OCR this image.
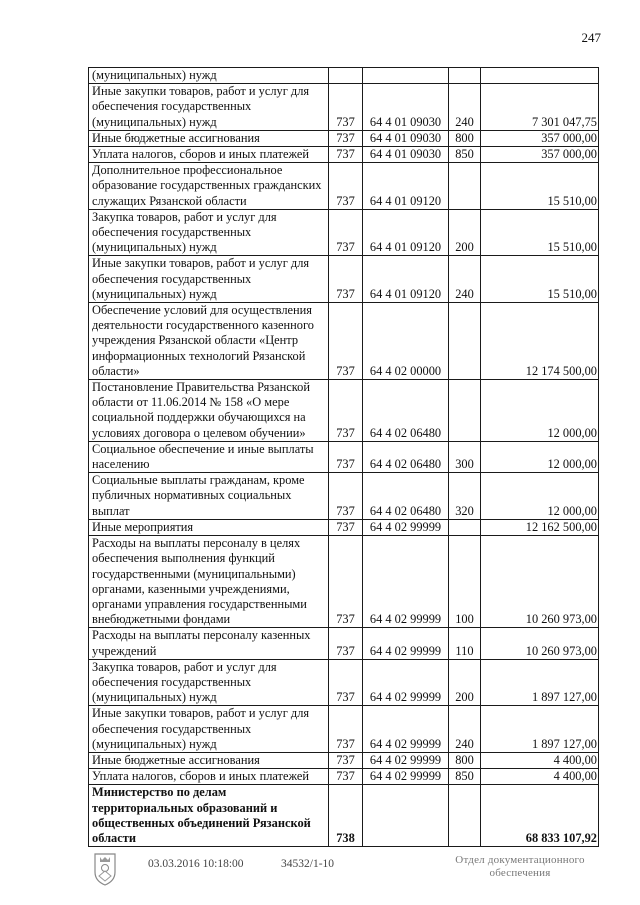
247
(муниципальных) нужд				
Иные закупки товаров, работ и услуг для обеспечения государственных (муниципальных) нужд	737	64 4 01 09030	240	7 301 047,75
Иные бюджетные ассигнования	737	64 4 01 09030	800	357 000,00
Уплата налогов, сборов и иных платежей	737	64 4 01 09030	850	357 000,00
Дополнительное профессиональное образование государственных гражданских служащих Рязанской области	737	64 4 01 09120		15 510,00
Закупка товаров, работ и услуг для обеспечения государственных (муниципальных) нужд	737	64 4 01 09120	200	15 510,00
Иные закупки товаров, работ и услуг для обеспечения государственных (муниципальных) нужд	737	64 4 01 09120	240	15 510,00
Обеспечение условий для осуществления деятельности государственного казенного учреждения Рязанской области «Центр информационных технологий Рязанской области»	737	64 4 02 00000		12 174 500,00
Постановление Правительства Рязанской области от 11.06.2014 № 158 «О мере социальной поддержки обучающихся на условиях договора о целевом обучении»	737	64 4 02 06480		12 000,00
Социальное обеспечение и иные выплаты населению	737	64 4 02 06480	300	12 000,00
Социальные выплаты гражданам, кроме публичных нормативных социальных выплат	737	64 4 02 06480	320	12 000,00
Иные мероприятия	737	64 4 02 99999		12 162 500,00
Расходы на выплаты персоналу в целях обеспечения выполнения функций государственными (муниципальными) органами, казенными учреждениями, органами управления государственными внебюджетными фондами	737	64 4 02 99999	100	10 260 973,00
Расходы на выплаты персоналу казенных учреждений	737	64 4 02 99999	110	10 260 973,00
Закупка товаров, работ и услуг для обеспечения государственных (муниципальных) нужд	737	64 4 02 99999	200	1 897 127,00
Иные закупки товаров, работ и услуг для обеспечения государственных (муниципальных) нужд	737	64 4 02 99999	240	1 897 127,00
Иные бюджетные ассигнования	737	64 4 02 99999	800	4 400,00
Уплата налогов, сборов и иных платежей	737	64 4 02 99999	850	4 400,00
Министерство по делам территориальных образований и общественных объединений Рязанской области	738			68 833 107,92
03.03.2016 10:18:00	34532/1-10	Отдел документационного
обеспечения
